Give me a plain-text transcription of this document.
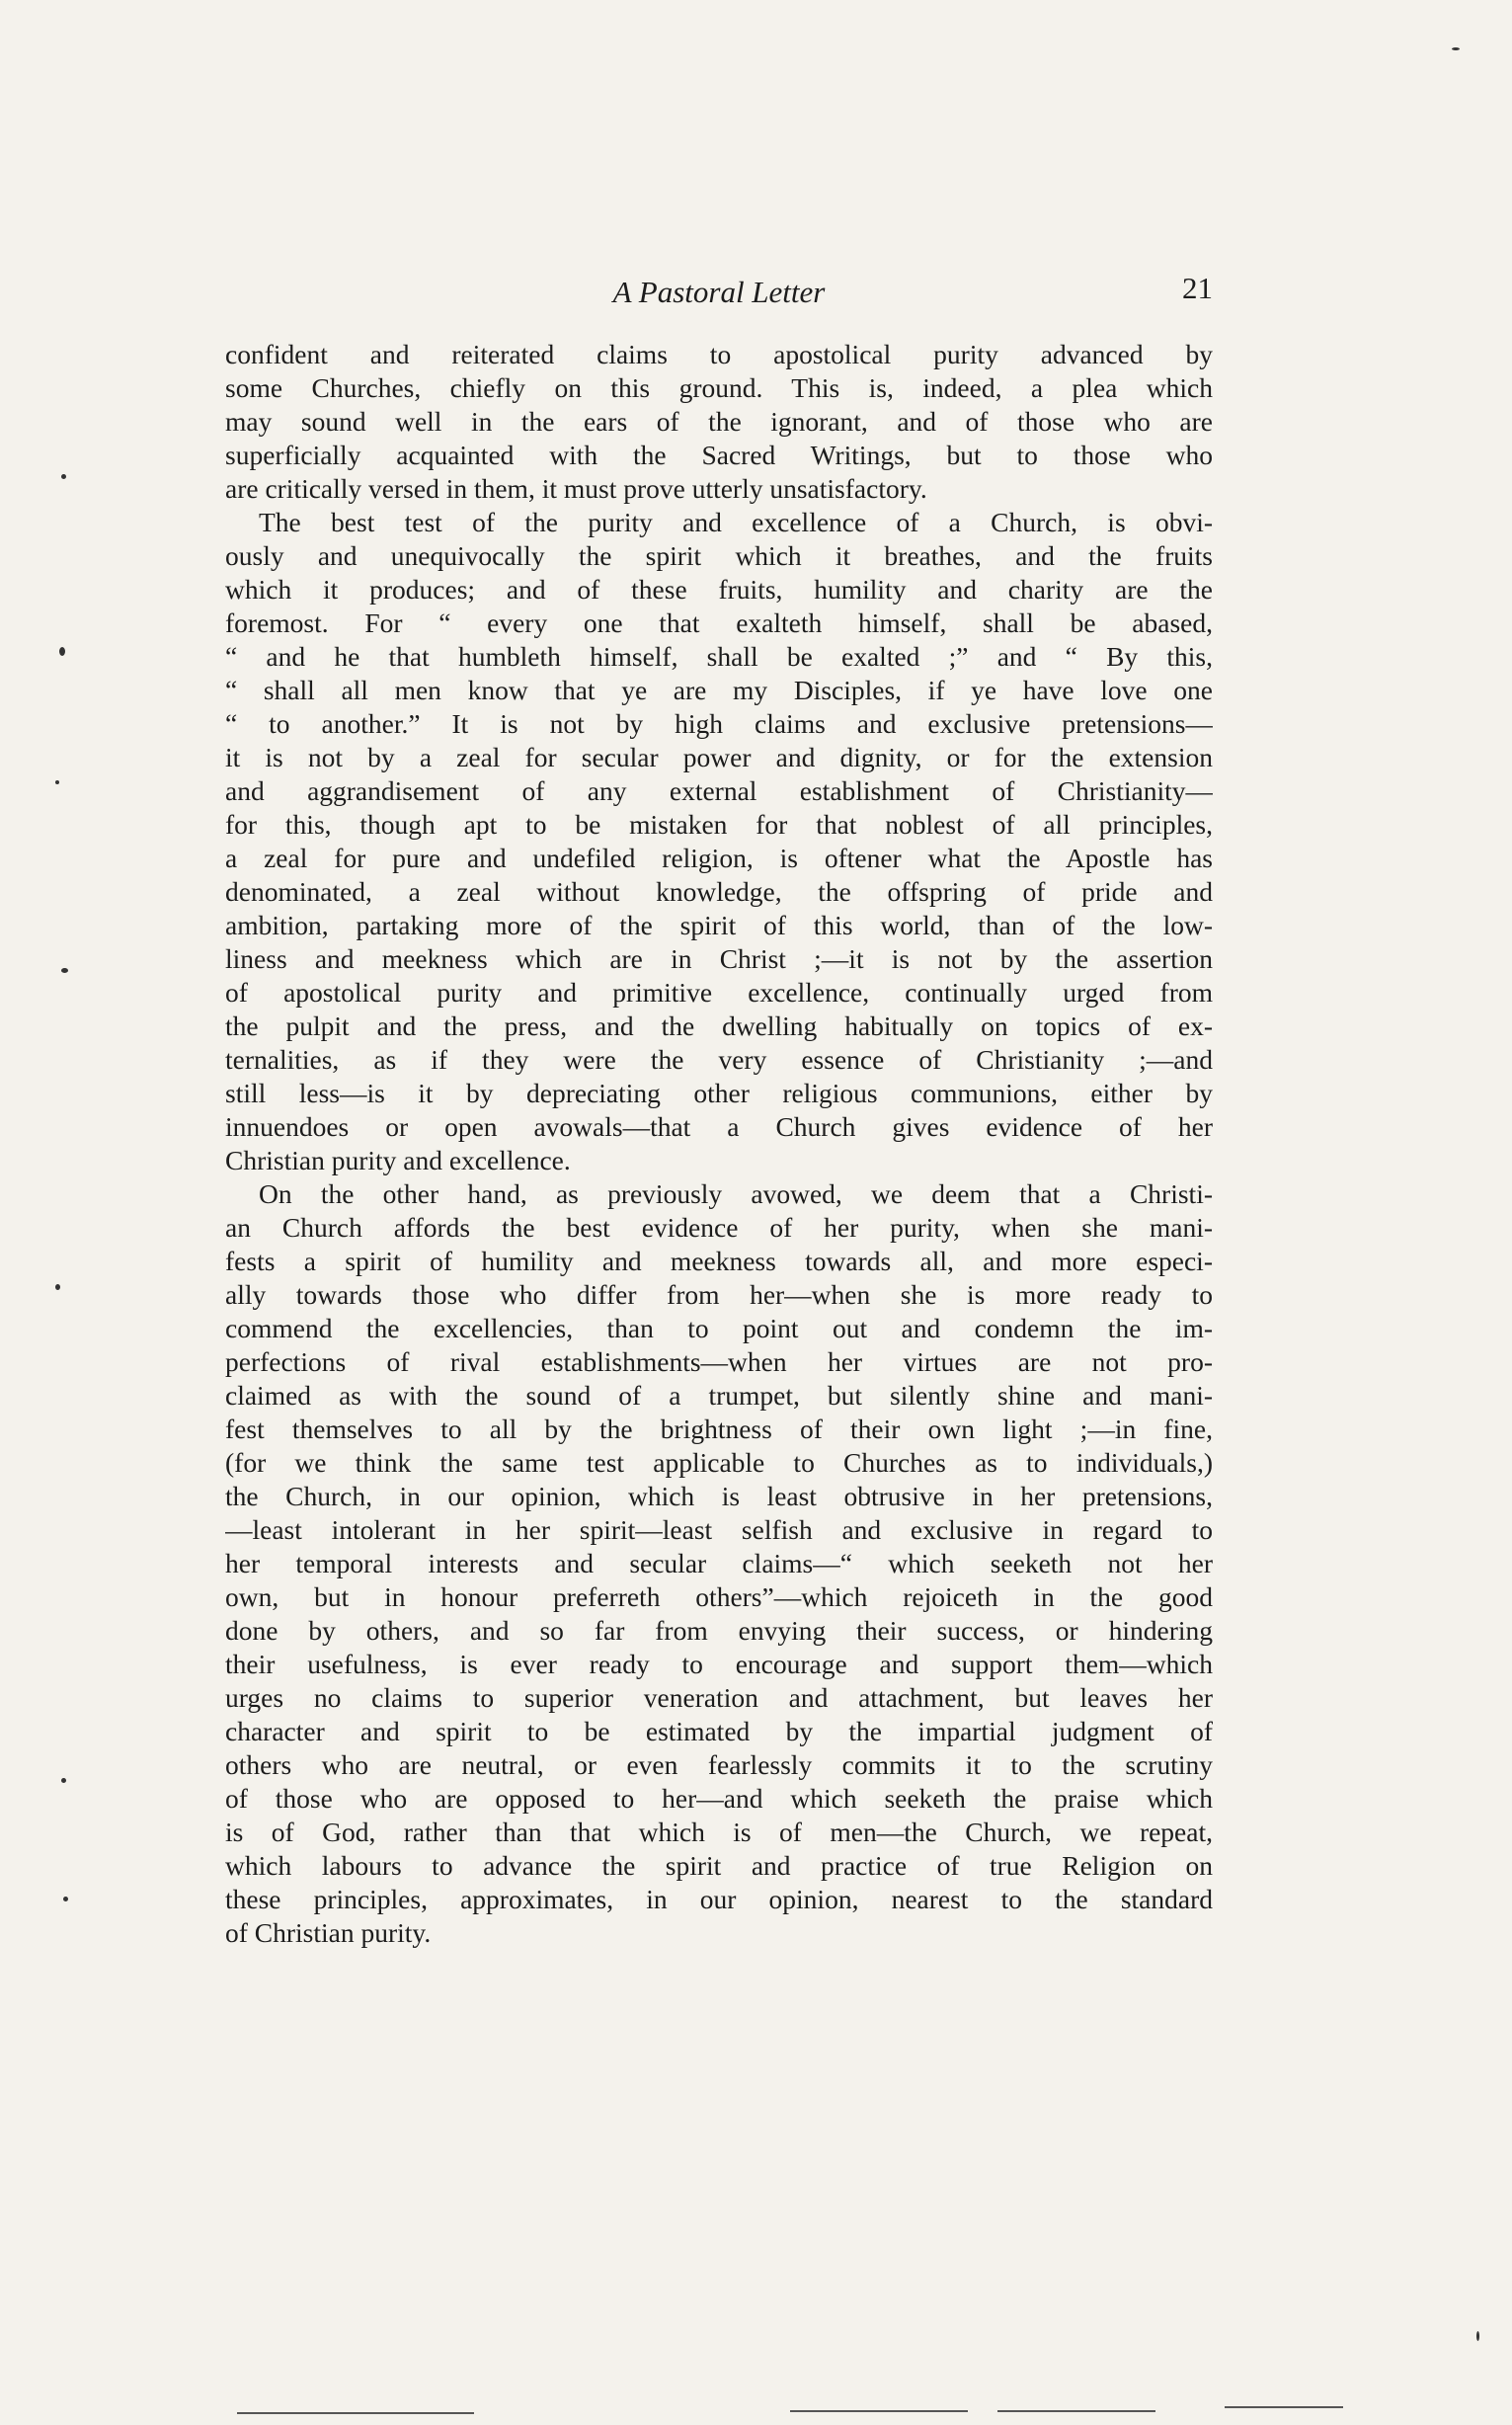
A Pastoral Letter	21
confident and reiterated claims to apostolical purity advanced by
some Churches, chiefly on this ground. This is, indeed, a plea which
may sound well in the ears of the ignorant, and of those who are
superficially acquainted with the Sacred Writings, but to those who
are critically versed in them, it must prove utterly unsatisfactory.
The best test of the purity and excellence of a Church, is obvi-
ously and unequivocally the spirit which it breathes, and the fruits
which it produces; and of these fruits, humility and charity are the
foremost. For “ every one that exalteth himself, shall be abased,
“ and he that humbleth himself, shall be exalted ;” and “ By this,
“ shall all men know that ye are my Disciples, if ye have love one
“ to another.” It is not by high claims and exclusive pretensions—
it is not by a zeal for secular power and dignity, or for the extension
and aggrandisement of any external establishment of Christianity—
for this, though apt to be mistaken for that noblest of all principles,
a zeal for pure and undefiled religion, is oftener what the Apostle has
denominated, a zeal without knowledge, the offspring of pride and
ambition, partaking more of the spirit of this world, than of the low-
liness and meekness which are in Christ ;—it is not by the assertion
of apostolical purity and primitive excellence, continually urged from
the pulpit and the press, and the dwelling habitually on topics of ex-
ternalities, as if they were the very essence of Christianity ;—and
still less—is it by depreciating other religious communions, either by
innuendoes or open avowals—that a Church gives evidence of her
Christian purity and excellence.
On the other hand, as previously avowed, we deem that a Christi-
an Church affords the best evidence of her purity, when she mani-
fests a spirit of humility and meekness towards all, and more especi-
ally towards those who differ from her—when she is more ready to
commend the excellencies, than to point out and condemn the im-
perfections of rival establishments—when her virtues are not pro-
claimed as with the sound of a trumpet, but silently shine and mani-
fest themselves to all by the brightness of their own light ;—in fine,
(for we think the same test applicable to Churches as to individuals,)
the Church, in our opinion, which is least obtrusive in her pretensions,
—least intolerant in her spirit—least selfish and exclusive in regard to
her temporal interests and secular claims—“ which seeketh not her
own, but in honour preferreth others”—which rejoiceth in the good
done by others, and so far from envying their success, or hindering
their usefulness, is ever ready to encourage and support them—which
urges no claims to superior veneration and attachment, but leaves her
character and spirit to be estimated by the impartial judgment of
others who are neutral, or even fearlessly commits it to the scrutiny
of those who are opposed to her—and which seeketh the praise which
is of God, rather than that which is of men—the Church, we repeat,
which labours to advance the spirit and practice of true Religion on
these principles, approximates, in our opinion, nearest to the standard
of Christian purity.
